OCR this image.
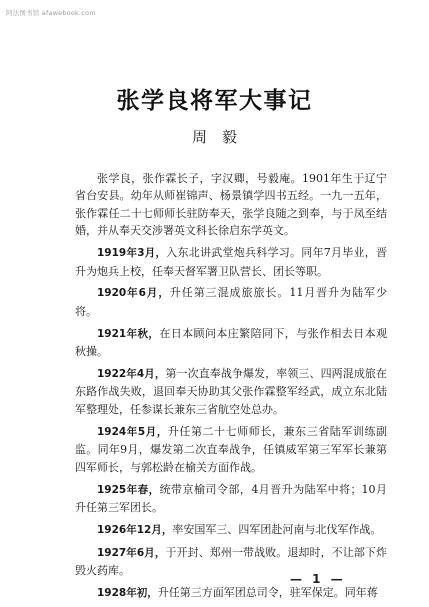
阿法图书馆 afawebook.com
张学良将军大事记
周毅

张学良，张作霖长子，字汉卿，号毅庵。1901年生于辽宁省台安县。幼年从师崔锦声、杨景镇学四书五经。一九一五年，张作霖任二十七师师长驻防奉天，张学良随之到奉，与于凤至结婚，并从奉天交涉署英文科长徐启东学英文。

1919年3月，入东北讲武堂炮兵科学习。同年7月毕业，晋升为炮兵上校，任奉天督军署卫队营长、团长等职。

1920年6月，升任第三混成旅旅长。11月晋升为陆军少将。

1921年秋，在日本顾问本庄繁陪同下，与张作相去日本观秋操。

1922年4月，第一次直奉战争爆发，率领三、四两混成旅在东路作战失败，退回奉天协助其父张作霖整军经武，成立东北陆军整理处，任参谋长兼东三省航空处总办。

1924年5月，升任第二十七师师长，兼东三省陆军训练副监。同年9月，爆发第二次直奉战争，任镇威军第三军军长兼第四军师长，与郭松龄在榆关方面作战。

1925年春，统带京榆司令部，4月晋升为陆军中将；10月升任第三军团长。

1926年12月，率安国军三、四军团赴河南与北伐军作战。

1927年6月，于开封、郑州一带战败。退却时，不让部下炸毁火药库。

1928年初，升任第三方面军团总司令，驻军保定。同年蒋

— 1 —
